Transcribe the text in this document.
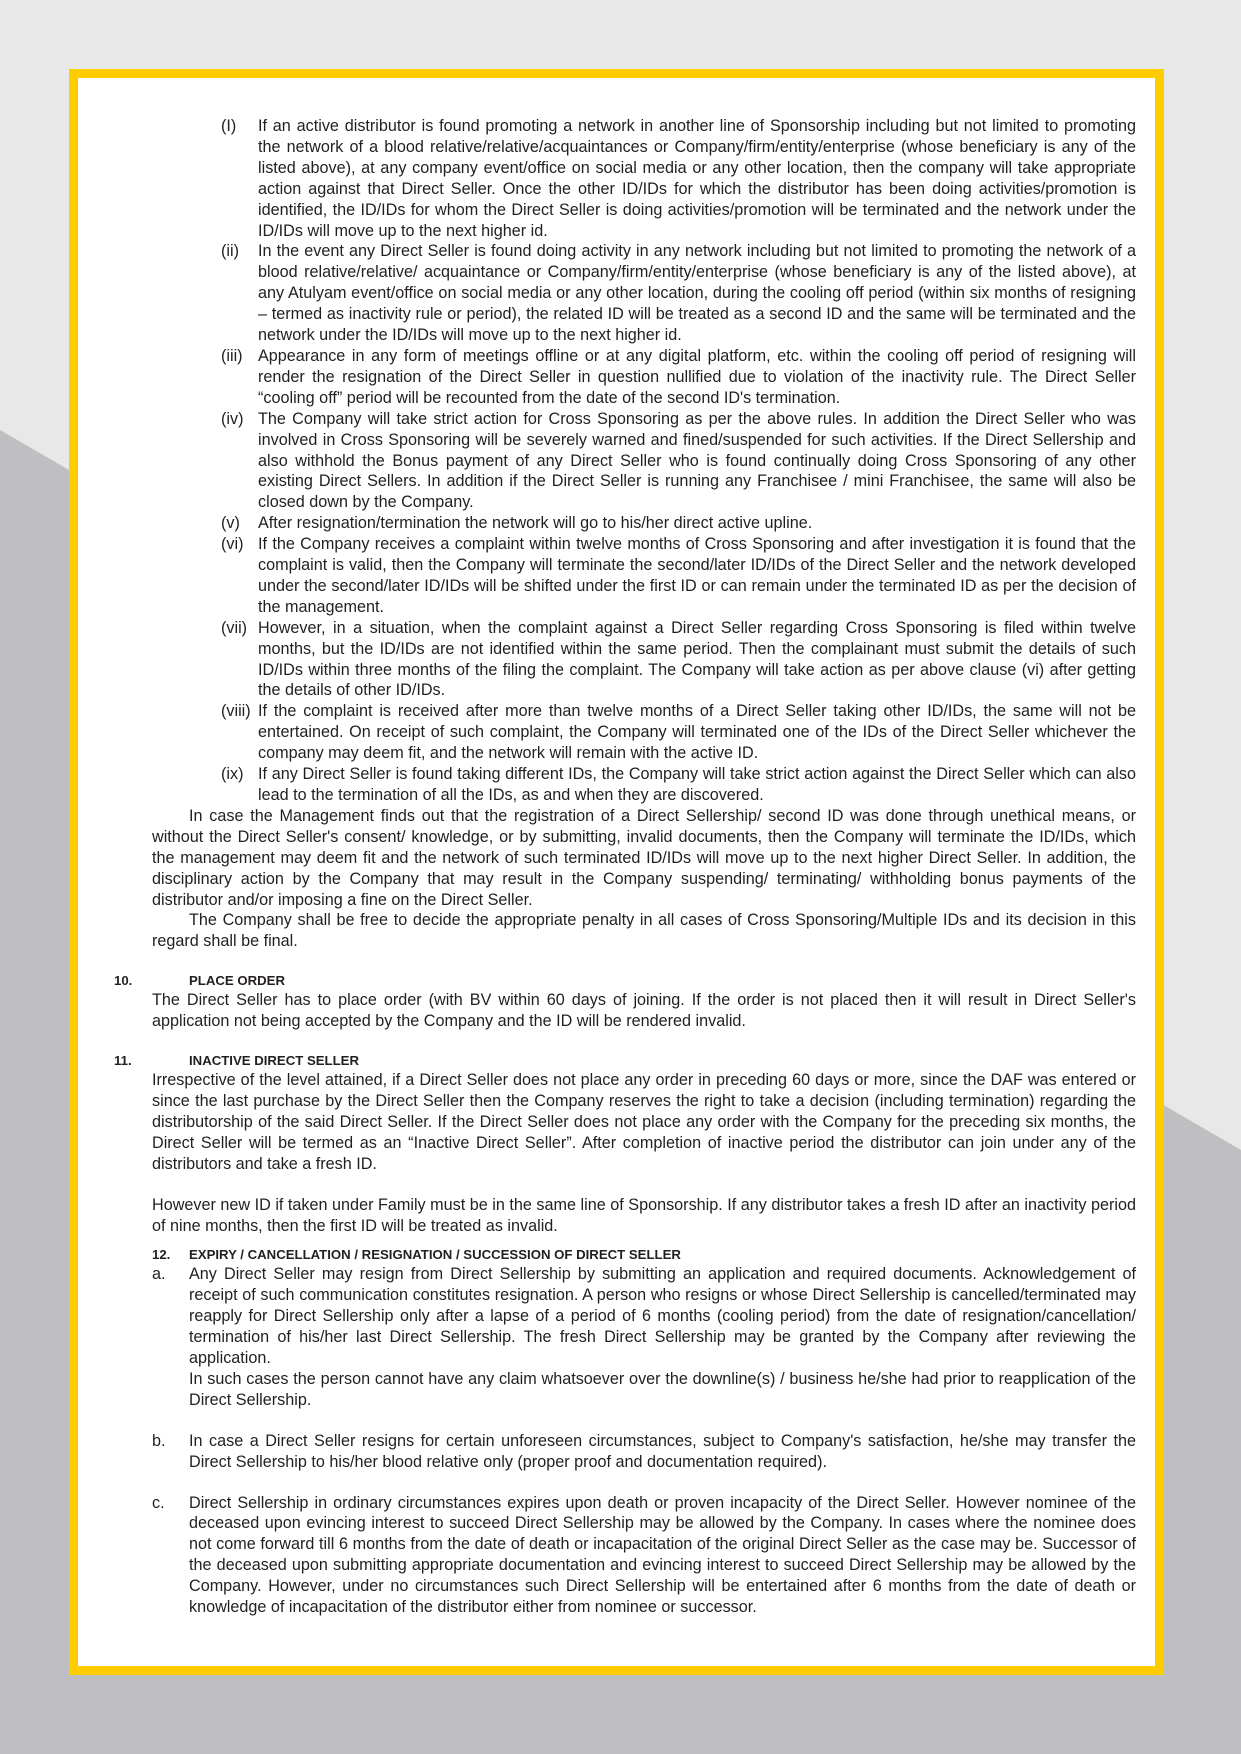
(I) If an active distributor is found promoting a network in another line of Sponsorship including but not limited to promoting the network of a blood relative/relative/acquaintances or Company/firm/entity/enterprise (whose beneficiary is any of the listed above), at any company event/office on social media or any other location, then the company will take appropriate action against that Direct Seller. Once the other ID/IDs for which the distributor has been doing activities/promotion is identified, the ID/IDs for whom the Direct Seller is doing activities/promotion will be terminated and the network under the ID/IDs will move up to the next higher id.
(ii) In the event any Direct Seller is found doing activity in any network including but not limited to promoting the network of a blood relative/relative/ acquaintance or Company/firm/entity/enterprise (whose beneficiary is any of the listed above), at any Atulyam event/office on social media or any other location, during the cooling off period (within six months of resigning – termed as inactivity rule or period), the related ID will be treated as a second ID and the same will be terminated and the network under the ID/IDs will move up to the next higher id.
(iii) Appearance in any form of meetings offline or at any digital platform, etc. within the cooling off period of resigning will render the resignation of the Direct Seller in question nullified due to violation of the inactivity rule. The Direct Seller “cooling off” period will be recounted from the date of the second ID's termination.
(iv) The Company will take strict action for Cross Sponsoring as per the above rules. In addition the Direct Seller who was involved in Cross Sponsoring will be severely warned and fined/suspended for such activities. If the Direct Sellership and also withhold the Bonus payment of any Direct Seller who is found continually doing Cross Sponsoring of any other existing Direct Sellers. In addition if the Direct Seller is running any Franchisee / mini Franchisee, the same will also be closed down by the Company.
(v) After resignation/termination the network will go to his/her direct active upline.
(vi) If the Company receives a complaint within twelve months of Cross Sponsoring and after investigation it is found that the complaint is valid, then the Company will terminate the second/later ID/IDs of the Direct Seller and the network developed under the second/later ID/IDs will be shifted under the first ID or can remain under the terminated ID as per the decision of the management.
(vii) However, in a situation, when the complaint against a Direct Seller regarding Cross Sponsoring is filed within twelve months, but the ID/IDs are not identified within the same period. Then the complainant must submit the details of such ID/IDs within three months of the filing the complaint. The Company will take action as per above clause (vi) after getting the details of other ID/IDs.
(viii) If the complaint is received after more than twelve months of a Direct Seller taking other ID/IDs, the same will not be entertained. On receipt of such complaint, the Company will terminated one of the IDs of the Direct Seller whichever the company may deem fit, and the network will remain with the active ID.
(ix) If any Direct Seller is found taking different IDs, the Company will take strict action against the Direct Seller which can also lead to the termination of all the IDs, as and when they are discovered.
In case the Management finds out that the registration of a Direct Sellership/ second ID was done through unethical means, or without the Direct Seller's consent/ knowledge, or by submitting, invalid documents, then the Company will terminate the ID/IDs, which the management may deem fit and the network of such terminated ID/IDs will move up to the next higher Direct Seller. In addition, the disciplinary action by the Company that may result in the Company suspending/ terminating/ withholding bonus payments of the distributor and/or imposing a fine on the Direct Seller.
The Company shall be free to decide the appropriate penalty in all cases of Cross Sponsoring/Multiple IDs and its decision in this regard shall be final.
10.	PLACE ORDER
The Direct Seller has to place order (with BV within 60 days of joining. If the order is not placed then it will result in Direct Seller's application not being accepted by the Company and the ID will be rendered invalid.
11.	INACTIVE DIRECT SELLER
Irrespective of the level attained, if a Direct Seller does not place any order in preceding 60 days or more, since the DAF was entered or since the last purchase by the Direct Seller then the Company reserves the right to take a decision (including termination) regarding the distributorship of the said Direct Seller. If the Direct Seller does not place any order with the Company for the preceding six months, the Direct Seller will be termed as an “Inactive Direct Seller”. After completion of inactive period the distributor can join under any of the distributors and take a fresh ID.
However new ID if taken under Family must be in the same line of Sponsorship. If any distributor takes a fresh ID after an inactivity period of nine months, then the first ID will be treated as invalid.
12.	EXPIRY / CANCELLATION / RESIGNATION / SUCCESSION OF DIRECT SELLER
a.	Any Direct Seller may resign from Direct Sellership by submitting an application and required documents. Acknowledgement of receipt of such communication constitutes resignation. A person who resigns or whose Direct Sellership is cancelled/terminated may reapply for Direct Sellership only after a lapse of a period of 6 months (cooling period) from the date of resignation/cancellation/ termination of his/her last Direct Sellership. The fresh Direct Sellership may be granted by the Company after reviewing the application.
In such cases the person cannot have any claim whatsoever over the downline(s) / business he/she had prior to reapplication of the Direct Sellership.
b.	In case a Direct Seller resigns for certain unforeseen circumstances, subject to Company's satisfaction, he/she may transfer the Direct Sellership to his/her blood relative only (proper proof and documentation required).
c.	Direct Sellership in ordinary circumstances expires upon death or proven incapacity of the Direct Seller. However nominee of the deceased upon evincing interest to succeed Direct Sellership may be allowed by the Company. In cases where the nominee does not come forward till 6 months from the date of death or incapacitation of the original Direct Seller as the case may be. Successor of the deceased upon submitting appropriate documentation and evincing interest to succeed Direct Sellership may be allowed by the Company. However, under no circumstances such Direct Sellership will be entertained after 6 months from the date of death or knowledge of incapacitation of the distributor either from nominee or successor.
